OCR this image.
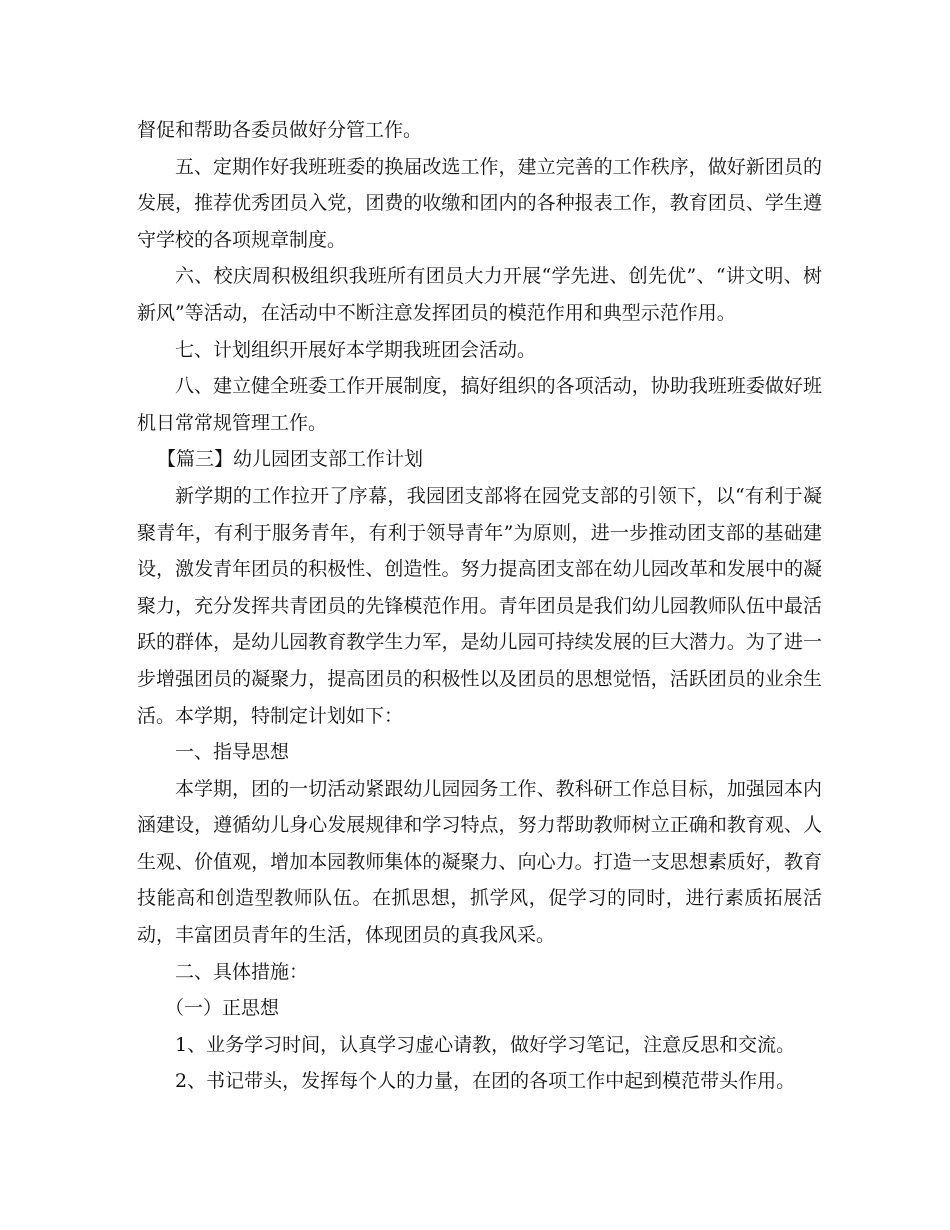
督促和帮助各委员做好分管工作。

五、定期作好我班班委的换届改选工作，建立完善的工作秩序，做好新团员的发展，推荐优秀团员入党，团费的收缴和团内的各种报表工作，教育团员、学生遵守学校的各项规章制度。

六、校庆周积极组织我班所有团员大力开展“学先进、创先优”、“讲文明、树新风”等活动，在活动中不断注意发挥团员的模范作用和典型示范作用。

七、计划组织开展好本学期我班团会活动。

八、建立健全班委工作开展制度，搞好组织的各项活动，协助我班班委做好班机日常常规管理工作。

【篇三】幼儿园团支部工作计划

新学期的工作拉开了序幕，我园团支部将在园党支部的引领下，以“有利于凝聚青年，有利于服务青年，有利于领导青年”为原则，进一步推动团支部的基础建设，激发青年团员的积极性、创造性。努力提高团支部在幼儿园改革和发展中的凝聚力，充分发挥共青团员的先锋模范作用。青年团员是我们幼儿园教师队伍中最活跃的群体，是幼儿园教育教学生力军，是幼儿园可持续发展的巨大潜力。为了进一步增强团员的凝聚力，提高团员的积极性以及团员的思想觉悟，活跃团员的业余生活。本学期，特制定计划如下：

一、指导思想

本学期，团的一切活动紧跟幼儿园园务工作、教科研工作总目标，加强园本内涵建设，遵循幼儿身心发展规律和学习特点，努力帮助教师树立正确和教育观、人生观、价值观，增加本园教师集体的凝聚力、向心力。打造一支思想素质好，教育技能高和创造型教师队伍。在抓思想，抓学风，促学习的同时，进行素质拓展活动，丰富团员青年的生活，体现团员的真我风采。

二、具体措施：

（一）正思想

1、业务学习时间，认真学习虚心请教，做好学习笔记，注意反思和交流。

2、书记带头，发挥每个人的力量，在团的各项工作中起到模范带头作用。
